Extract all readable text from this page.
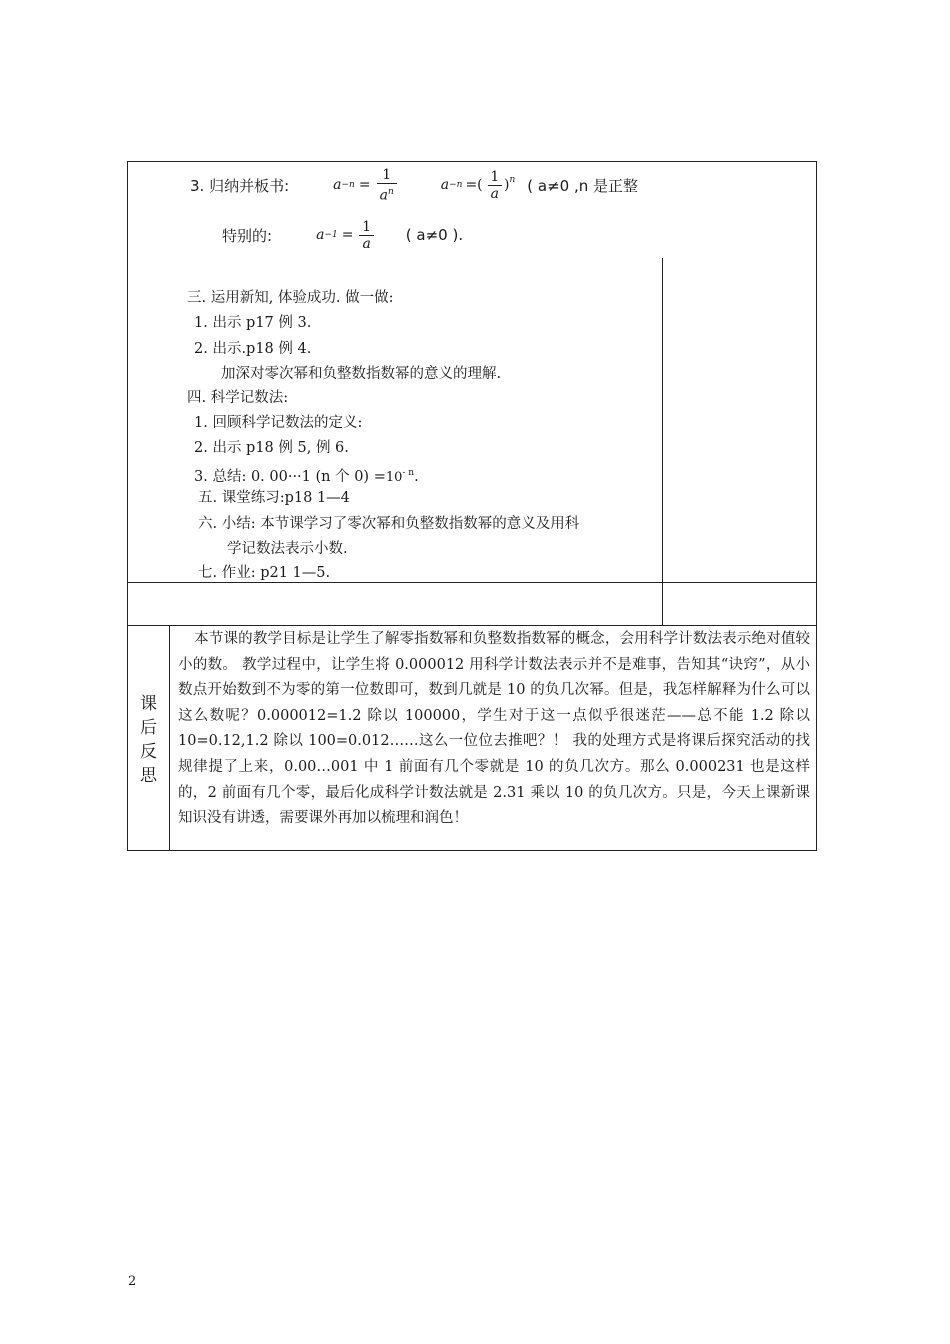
3. 归纳并板书:	$a -n = \frac{1}{a^n}$	a −n =( $\frac{1}{a} )^n$ ( a≠0 ,n 是正整
特别的:	$a -1 = \frac{1}{a}$ ( a≠0 ).
三. 运用新知, 体验成功. 做一做:
1. 出示 p17 例 3.
2. 出示.p18 例 4.
加深对零次幂和负整数指数幂的意义的理解.
四. 科学记数法:
1. 回顾科学记数法的定义:
2. 出示 p18 例 5, 例 6.
3. 总结: 0. 00···1 (n 个 $0) =10^{- n}$.
五. 课堂练习:p18 1—4
六. 小结: 本节课学习了零次幂和负整数指数幂的意义及用科
学记数法表示小数.
七. 作业: p21 1—5.
课
后
反
思
本节课的教学目标是让学生了解零指数幂和负整数指数幂的概念，会用科学计数法表示绝对值较小的数。 教学过程中，让学生将 0.000012 用科学计数法表示并不是难事，告知其“诀窍”，从小数点开始数到不为零的第一位数即可，数到几就是 10 的负几次幂。但是，我怎样解释为什么可以这么数呢？0.000012=1.2 除以 100000，学生对于这一点似乎很迷茫——总不能 1.2 除以 10=0.12,1.2 除以 100=0.012……这么一位位去推吧？！ 我的处理方式是将课后探究活动的找规律提了上来，0.00…001 中 1 前面有几个零就是 10 的负几次方。那么 0.000231 也是这样的，2 前面有几个零，最后化成科学计数法就是 2.31 乘以 10 的负几次方。只是，今天上课新课知识没有讲透，需要课外再加以梳理和润色！
2
